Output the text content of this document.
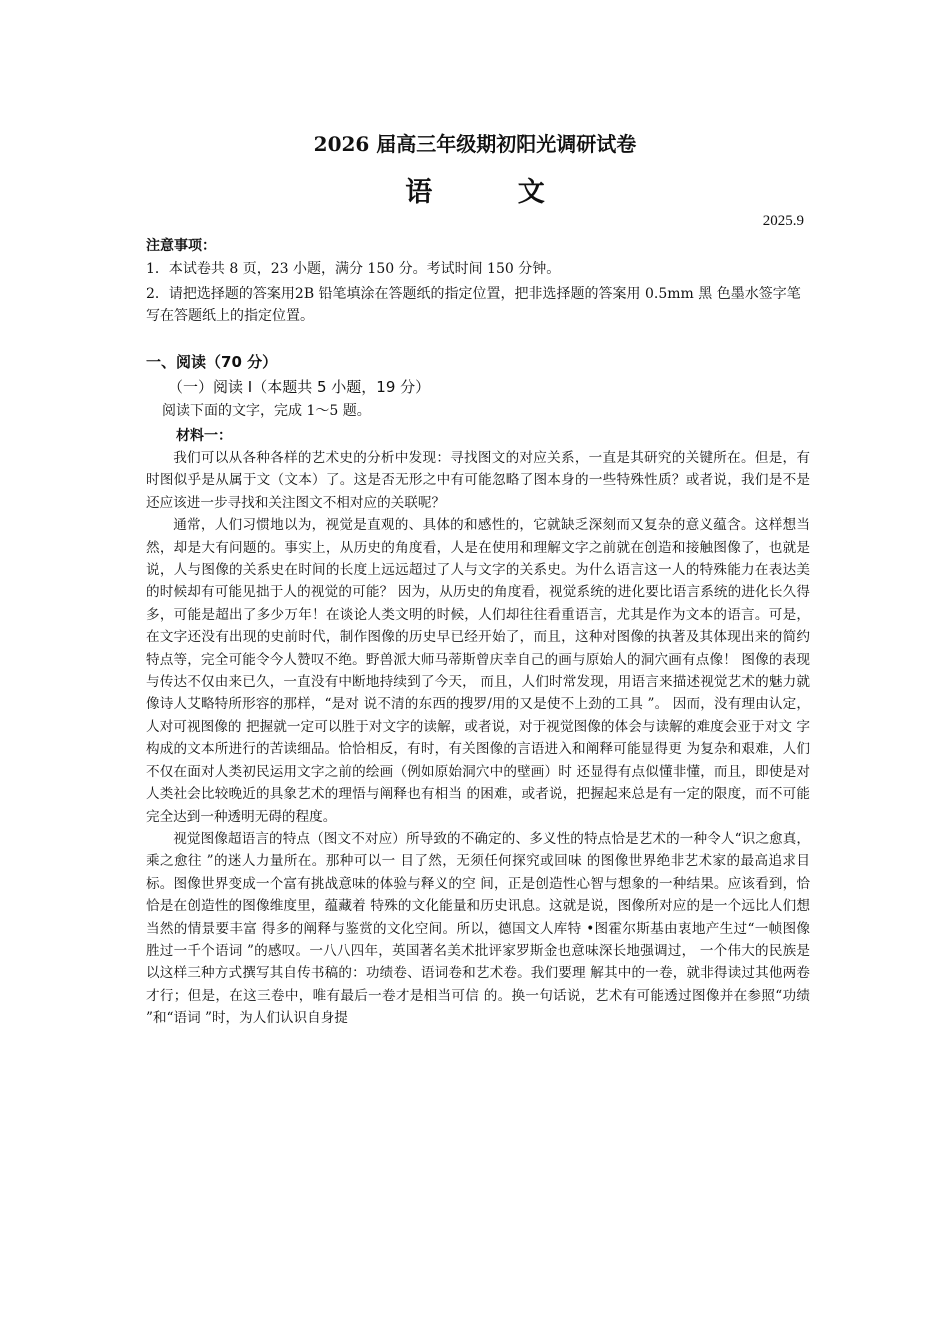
2026 届高三年级期初阳光调研试卷
语 文
2025.9
注意事项：
1．本试卷共 8 页，23 小题，满分 150 分。考试时间 150 分钟。
2．请把选择题的答案用2B 铅笔填涂在答题纸的指定位置，把非选择题的答案用 0.5mm 黑 色墨水签字笔写在答题纸上的指定位置。
一、阅读（70 分）
（一）阅读 Ⅰ（本题共 5 小题，19 分）
阅读下面的文字，完成 1～5 题。
材料一：

我们可以从各种各样的艺术史的分析中发现：寻找图文的对应关系，一直是其研究的关键所在。但是，有时图似乎是从属于文（文本）了。这是否无形之中有可能忽略了图本身的一些特殊性质？或者说，我们是不是还应该进一步寻找和关注图文不相对应的关联呢？

通常，人们习惯地以为，视觉是直观的、具体的和感性的，它就缺乏深刻而又复杂的意义蕴含。这样想当然，却是大有问题的。事实上，从历史的角度看，人是在使用和理解文字之前就在创造和接触图像了，也就是说，人与图像的关系史在时间的长度上远远超过了人与文字的关系史。为什么语言这一人的特殊能力在表达美的时候却有可能见拙于人的视觉的可能？ 因为，从历史的角度看，视觉系统的进化要比语言系统的进化长久得多，可能是超出了多少万年！在谈论人类文明的时候，人们却往往看重语言，尤其是作为文本的语言。可是，在文字还没有出现的史前时代，制作图像的历史早已经开始了，而且，这种对图像的执著及其体现出来的简约特点等，完全可能令今人赞叹不绝。野兽派大师马蒂斯曾庆幸自己的画与原始人的洞穴画有点像！ 图像的表现与传达不仅由来已久，一直没有中断地持续到了今天， 而且，人们时常发现，用语言来描述视觉艺术的魅力就像诗人艾略特所形容的那样，“是对 说不清的东西的搜罗/用的又是使不上劲的工具 ”。 因而，没有理由认定，人对可视图像的 把握就一定可以胜于对文字的读解，或者说，对于视觉图像的体会与读解的难度会亚于对文 字构成的文本所进行的苦读细品。恰恰相反，有时，有关图像的言语进入和阐释可能显得更 为复杂和艰难，人们不仅在面对人类初民运用文字之前的绘画（例如原始洞穴中的壁画）时 还显得有点似懂非懂，而且，即使是对人类社会比较晚近的具象艺术的理悟与阐释也有相当 的困难，或者说，把握起来总是有一定的限度，而不可能完全达到一种透明无碍的程度。

视觉图像超语言的特点（图文不对应）所导致的不确定的、多义性的特点恰是艺术的一种令人“识之愈真，乘之愈往 ”的迷人力量所在。那种可以一 目了然，无须任何探究或回味 的图像世界绝非艺术家的最高追求目标。图像世界变成一个富有挑战意味的体验与释义的空 间，正是创造性心智与想象的一种结果。应该看到，恰恰是在创造性的图像维度里，蕴藏着 特殊的文化能量和历史讯息。这就是说，图像所对应的是一个远比人们想当然的情景要丰富 得多的阐释与鉴赏的文化空间。所以，德国文人库特 •图霍尔斯基由衷地产生过“一帧图像 胜过一千个语词 ”的感叹。一八八四年，英国著名美术批评家罗斯金也意味深长地强调过， 一个伟大的民族是以这样三种方式撰写其自传书稿的：功绩卷、语词卷和艺术卷。我们要理 解其中的一卷，就非得读过其他两卷才行；但是，在这三卷中，唯有最后一卷才是相当可信 的。换一句话说，艺术有可能透过图像并在参照“功绩 ”和“语词 ”时，为人们认识自身提
